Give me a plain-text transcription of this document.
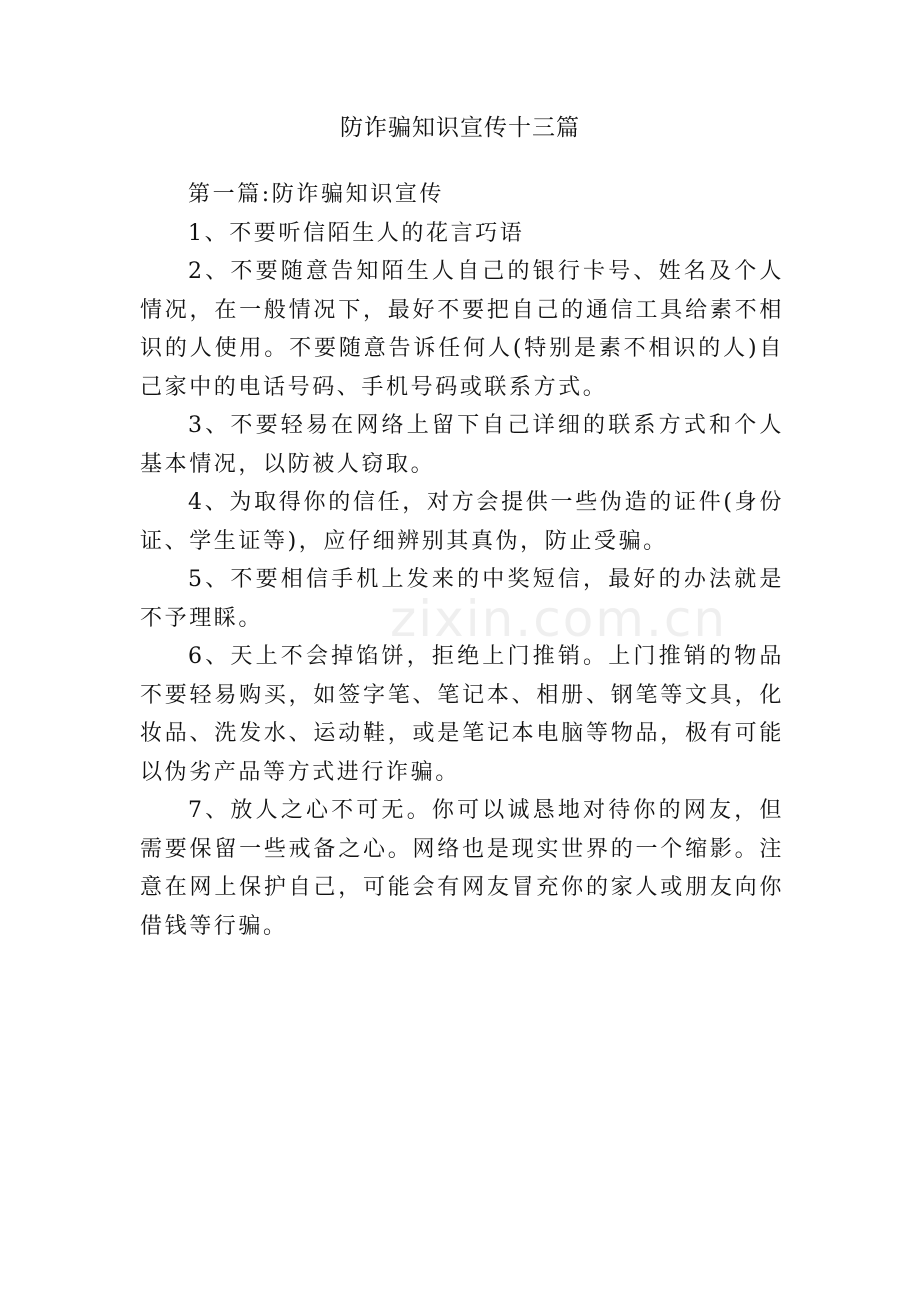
防诈骗知识宣传十三篇

第一篇:防诈骗知识宣传

1、不要听信陌生人的花言巧语

2、不要随意告知陌生人自己的银行卡号、姓名及个人情况，在一般情况下，最好不要把自己的通信工具给素不相识的人使用。不要随意告诉任何人(特别是素不相识的人)自己家中的电话号码、手机号码或联系方式。

3、不要轻易在网络上留下自己详细的联系方式和个人基本情况，以防被人窃取。

4、为取得你的信任，对方会提供一些伪造的证件(身份证、学生证等)，应仔细辨别其真伪，防止受骗。

5、不要相信手机上发来的中奖短信，最好的办法就是不予理睬。

6、天上不会掉馅饼，拒绝上门推销。上门推销的物品不要轻易购买，如签字笔、笔记本、相册、钢笔等文具，化妆品、洗发水、运动鞋，或是笔记本电脑等物品，极有可能以伪劣产品等方式进行诈骗。

7、放人之心不可无。你可以诚恳地对待你的网友，但需要保留一些戒备之心。网络也是现实世界的一个缩影。注意在网上保护自己，可能会有网友冒充你的家人或朋友向你借钱等行骗。

zixin.com.cn
